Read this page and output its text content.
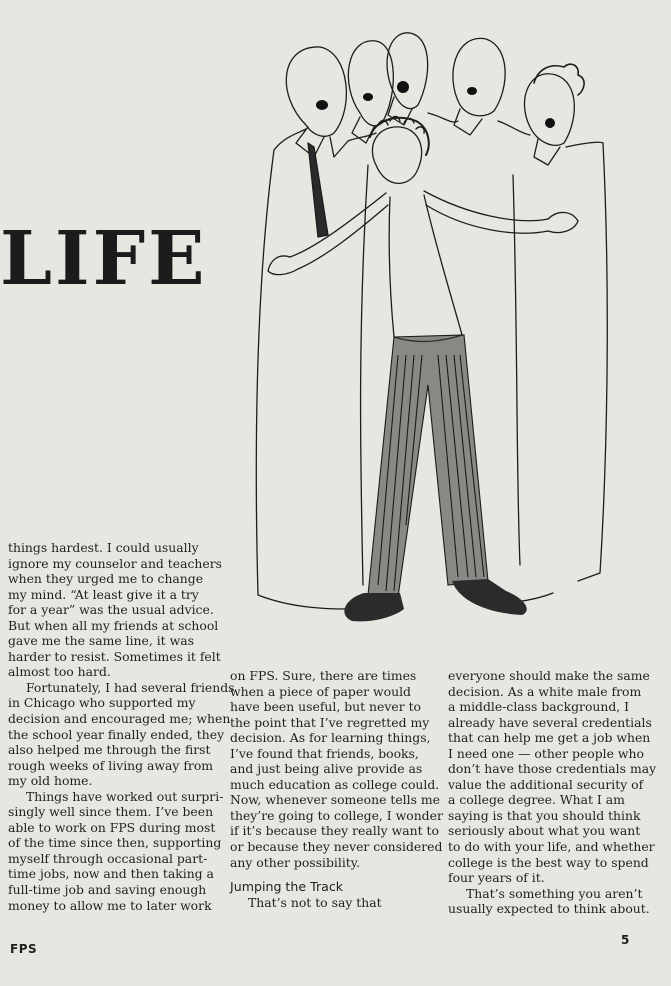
LIFE

things hardest. I could usually

ignore my counselor and teachers

when they urged me to change

my mind. “At least give it a try

for a year” was the usual advice.

But when all my friends at school

gave me the same line, it was

harder to resist. Sometimes it felt

almost too hard.

Fortunately, I had several friends

in Chicago who supported my

decision and encouraged me; when

the school year finally ended, they

also helped me through the first

rough weeks of living away from

my old home.

Things have worked out surpri-

singly well since them. I’ve been

able to work on FPS during most

of the time since then, supporting

myself through occasional part-

time jobs, now and then taking a

full-time job and saving enough

money to allow me to later work

on FPS. Sure, there are times

when a piece of paper would

have been useful, but never to

the point that I’ve regretted my

decision. As for learning things,

I’ve found that friends, books,

and just being alive provide as

much education as college could.

Now, whenever someone tells me

they’re going to college, I wonder

if it’s because they really want to

or because they never considered

any other possibility.

Jumping the Track

That’s not to say that

everyone should make the same

decision. As a white male from

a middle-class background, I

already have several credentials

that can help me get a job when

I need one — other people who

don’t have those credentials may

value the additional security of

a college degree. What I am

saying is that you should think

seriously about what you want

to do with your life, and whether

college is the best way to spend

four years of it.

That’s something you aren’t

usually expected to think about.

FPS
5
